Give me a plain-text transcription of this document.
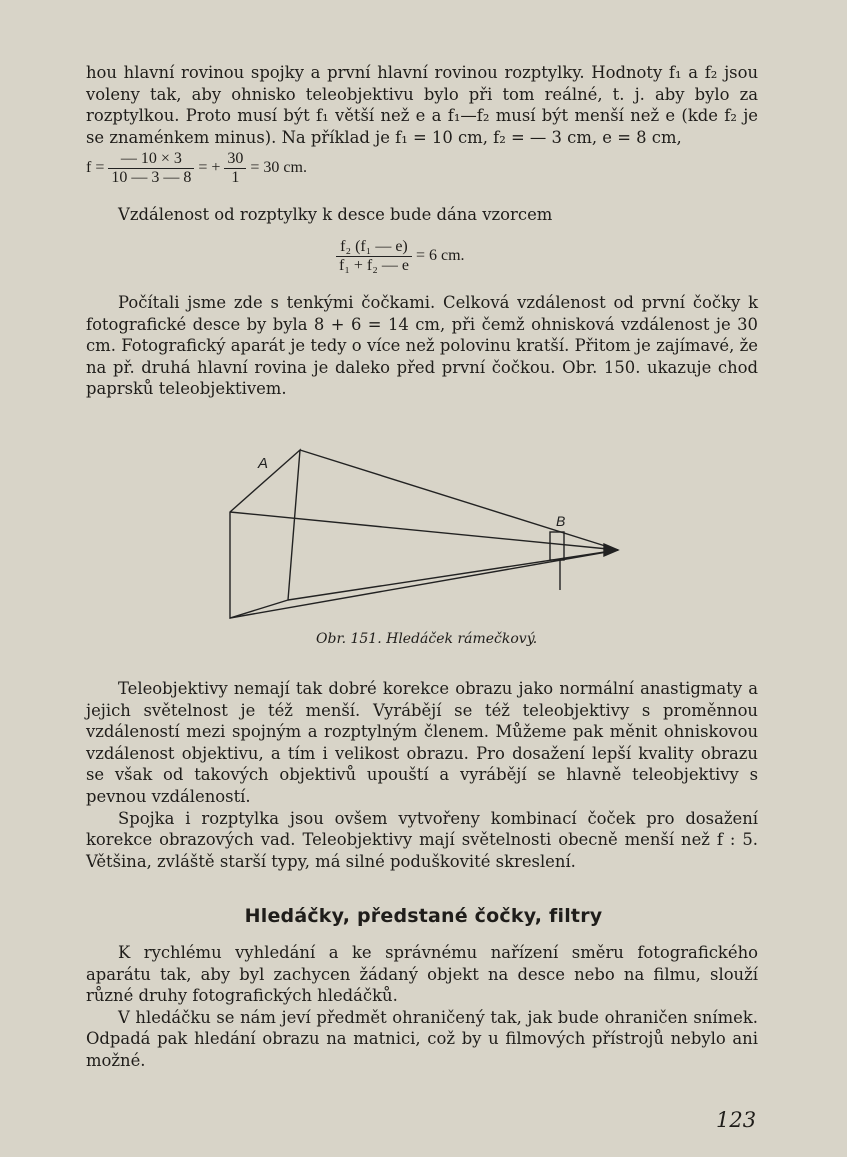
hou hlavní rovinou spojky a první hlavní rovinou rozptylky. Hodnoty f₁ a f₂ jsou voleny tak, aby ohnisko teleobjektivu bylo při tom reálné, t. j. aby bylo za rozptylkou. Proto musí být f₁ větší než e a f₁—f₂ musí být menší než e (kde f₂ je se znaménkem minus). Na příklad je f₁ = 10 cm, f₂ = — 3 cm, e = 8 cm,

$f = \frac{— 10 \times 3}{10 — 3 — 8}$ = + $\frac{30}{1} = 30$ cm.

Vzdálenost od rozptylky k desce bude dána vzorcem

$\frac{\text{f₂ (f₁ — e)}}{\text{f₁ + f₂ — e}} = 6$ cm.

Počítali jsme zde s tenkými čočkami. Celková vzdálenost od první čočky k fotografické desce by byla 8 + 6 = 14 cm, při čemž ohnisková vzdálenost je 30 cm. Fotografický aparát je tedy o více než polovinu kratší. Přitom je zajímavé, že na př. druhá hlavní rovina je daleko před první čočkou. Obr. 150. ukazuje chod paprsků teleobjektivem.

A
B
Obr. 151. Hledáček rámečkový.

Teleobjektivy nemají tak dobré korekce obrazu jako normální anastigmaty a jejich světelnost je též menší. Vyrábějí se též teleobjektivy s proměnnou vzdáleností mezi spojným a rozptylným členem. Můžeme pak měnit ohniskovou vzdálenost objektivu, a tím i velikost obrazu. Pro dosažení lepší kvality obrazu se však od takových objektivů upouští a vyrábějí se hlavně teleobjektivy s pevnou vzdáleností.

Spojka i rozptylka jsou ovšem vytvořeny kombinací čoček pro dosažení korekce obrazových vad. Teleobjektivy mají světelnosti obecně menší než f : 5. Většina, zvláště starší typy, má silné poduškovité skreslení.

Hledáčky, předstané čočky, filtry

K rychlému vyhledání a ke správnému nařízení směru fotografického aparátu tak, aby byl zachycen žádaný objekt na desce nebo na filmu, slouží různé druhy fotografických hledáčků.

V hledáčku se nám jeví předmět ohraničený tak, jak bude ohraničen snímek. Odpadá pak hledání obrazu na matnici, což by u filmových přístrojů nebylo ani možné.

123
